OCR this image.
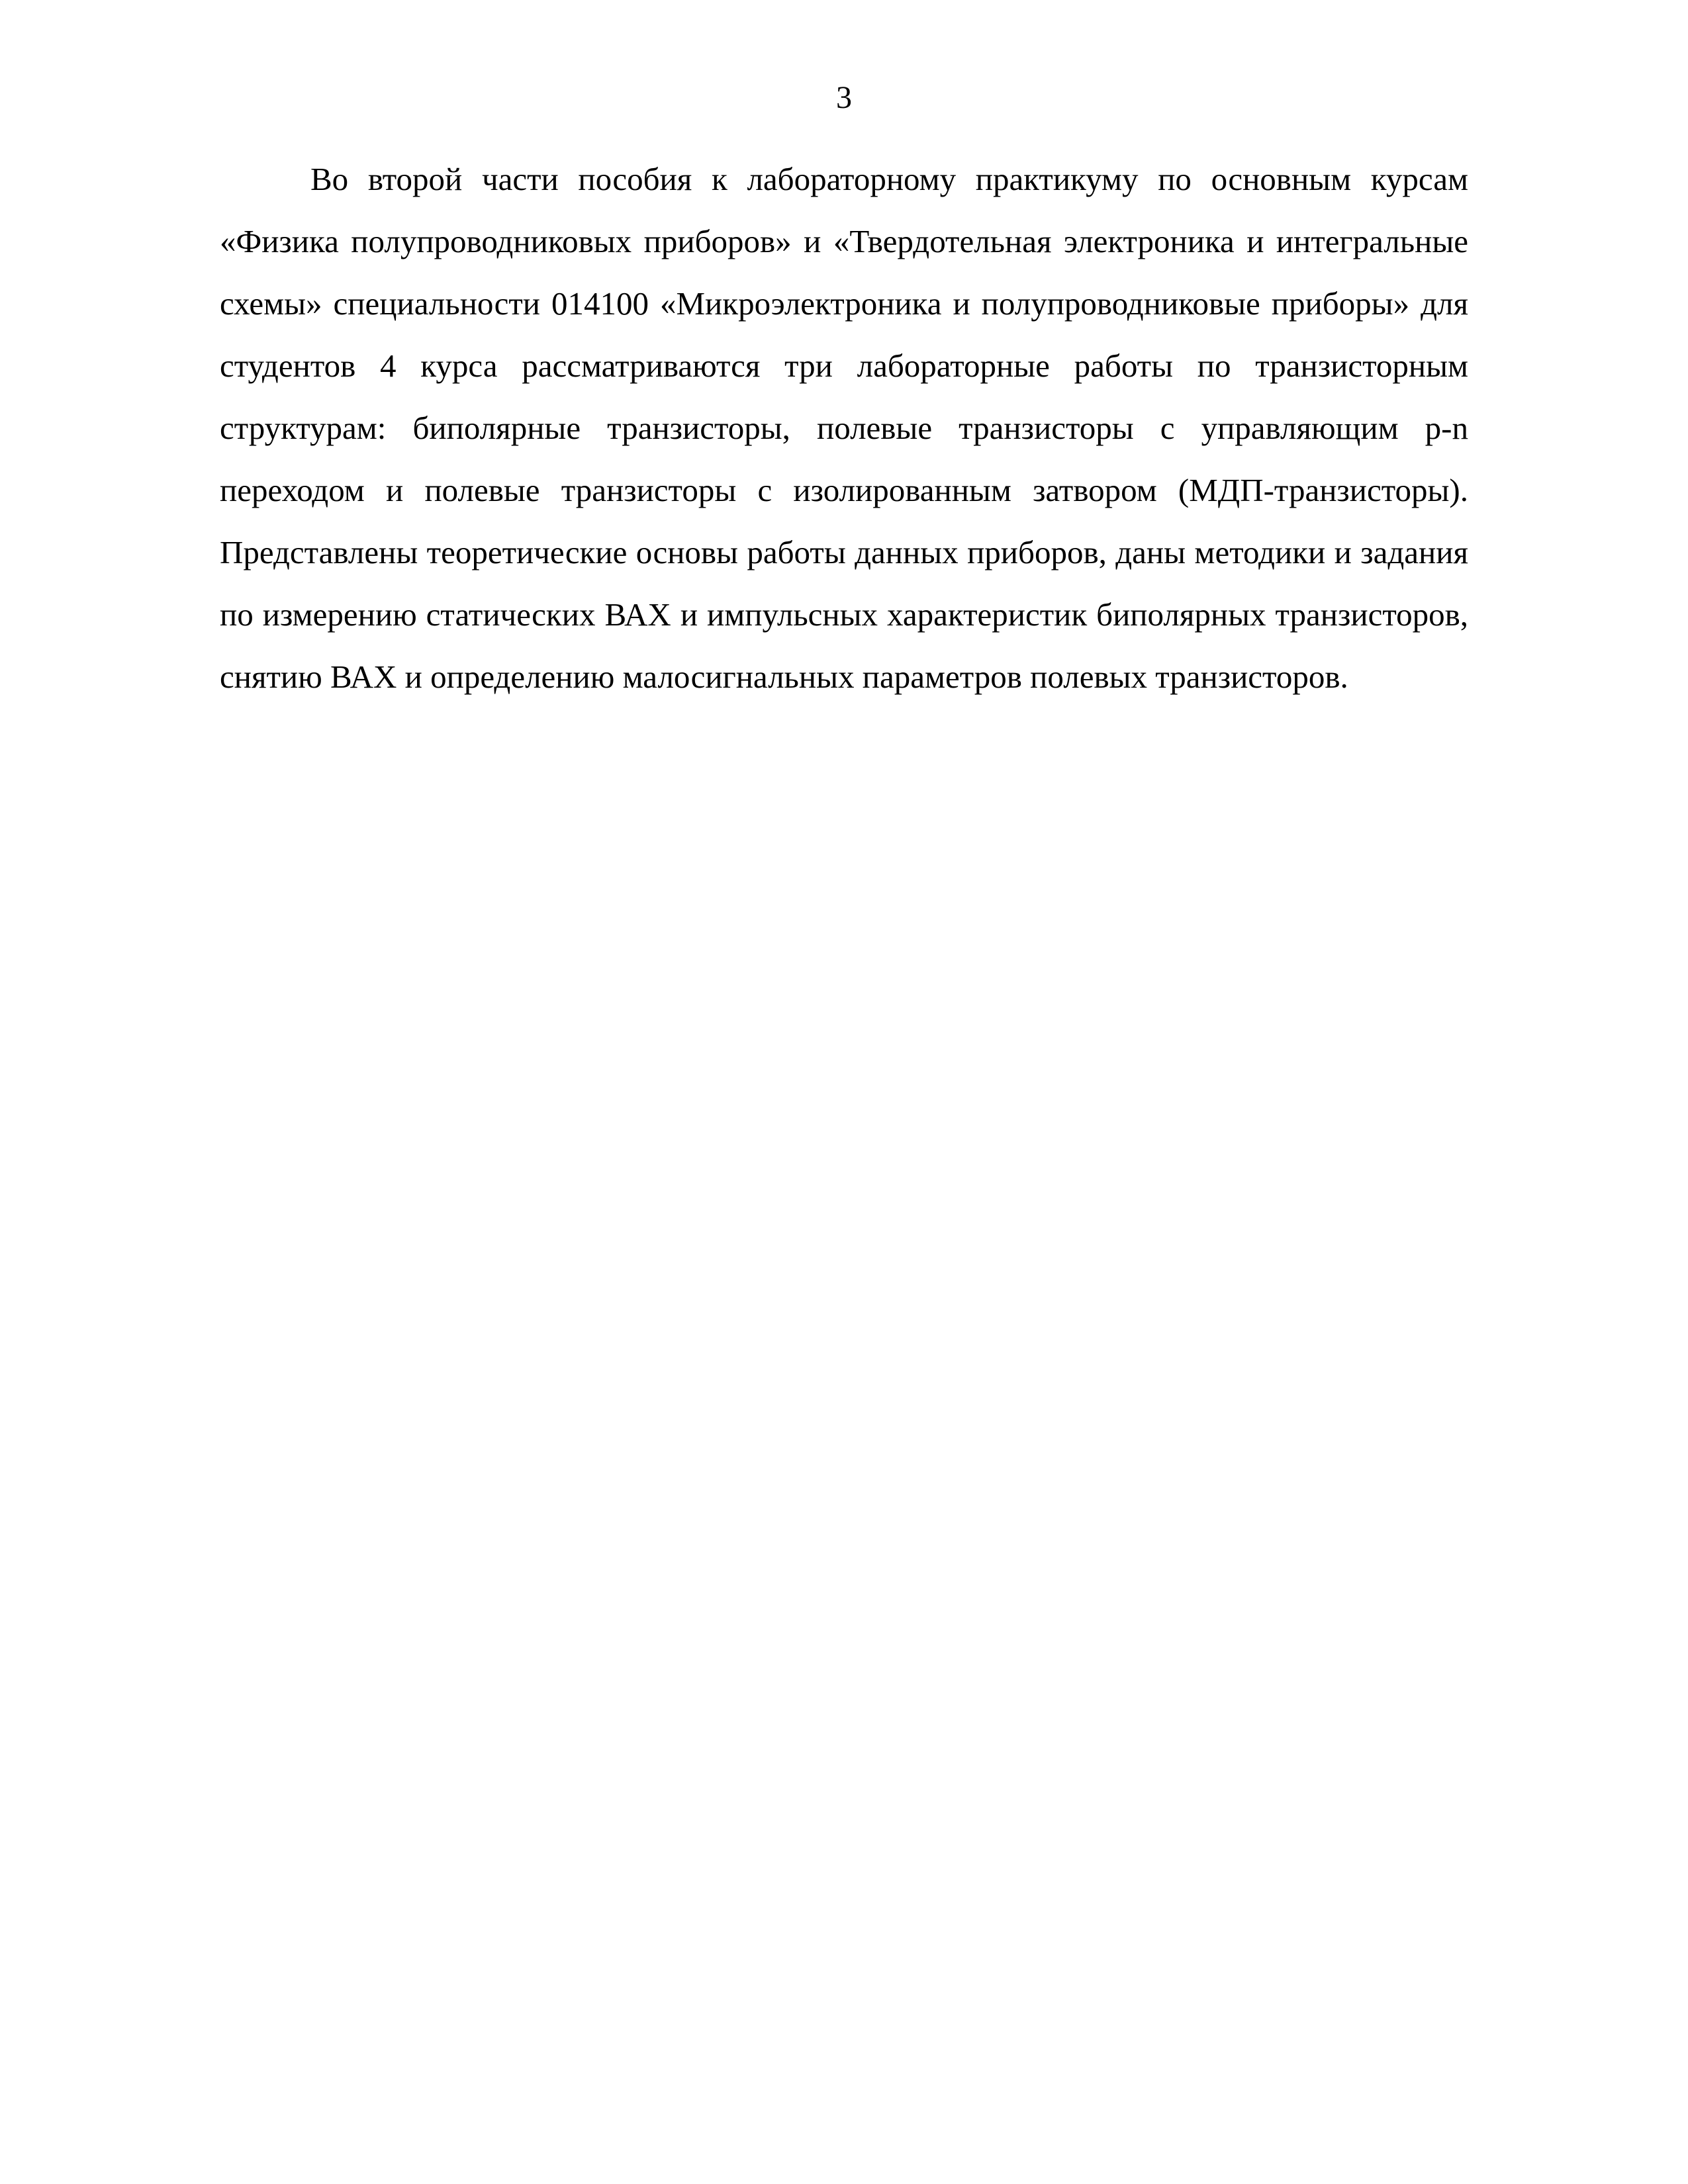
3

Во второй части пособия к лабораторному практикуму по основным курсам «Физика полупроводниковых приборов» и «Твердотельная электроника и интегральные схемы» специальности 014100 «Микроэлектроника и полупроводниковые приборы» для студентов 4 курса рассматриваются три лабораторные работы по транзисторным структурам: биполярные транзисторы, полевые транзисторы с управляющим p-n переходом и полевые транзисторы с изолированным затвором (МДП-транзисторы). Представлены теоретические основы работы данных приборов, даны методики и задания по измерению статических ВАХ и импульсных характеристик биполярных транзисторов, снятию ВАХ и определению малосигнальных параметров полевых транзисторов.
